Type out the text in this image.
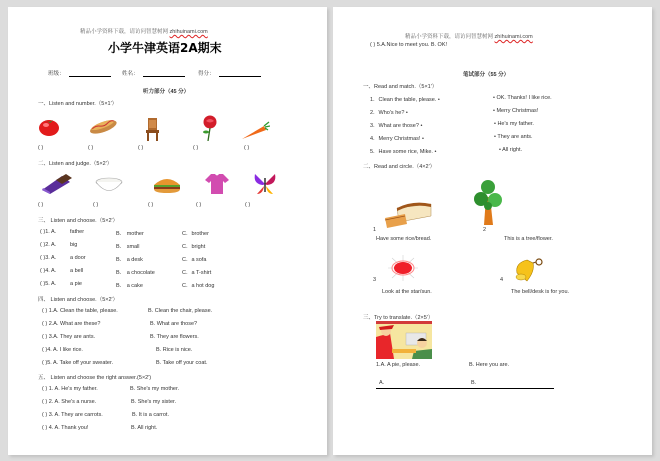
精品小学资料下载，请访问智慧树网 zhihuinami.com
小学牛津英语2A期末
班级：	姓名：	得分：
听力部分（45 分）
一、Listen and number.（5×1′）
( )	( )	( )	( )	( )
二、Listen and judge.（5×2′）
( )	( )	( )	( )	( )
三、 Listen and choose.（5×2′）
( )1. A.	father	B． mother	C．brother
( )2. A.	big	B． small	C．bright
( )3. A.	a door	B． a desk	C．a sofa
( )4. A.	a bell	B． a chocolate	C．a T-shirt
( )5. A.	a pie	B． a cake	C．a hot dog
四、 Listen and choose.（5×2′）
( ) 1.A. Clean the table, please.	B. Clean the chair, please.
( ) 2.A. What are these?	B. What are those?
( ) 3.A. They are ants.	B. They are flowers.
( )4. A. I like rice.	B. Rice is nice.
( )5. A. Take off your sweater.	B. Take off your coat.
五、 Listen and choose the right answer.(5×2′)
( ) 1. A. He's my father.	B. She's my mother.
( ) 2. A. She's a nurse.	B. She's my sister.
( ) 3. A. They are carrots.	B. It is a carrot.
( ) 4. A. Thank you!	B. All right.
精品小学资料下载，请访问智慧树网 zhihuinami.com
( ) 5.A.Nice to meet you. B. OK!
笔试部分（55 分）
一、Read and match.（5×1′）
1．Clean the table, please. •
2．Who's he? •
3．What are those? •
4．Merry Christmas! •
5．Have some rice, Mike. •
• OK. Thanks! I like rice.
• Merry Christmas!
• He's my father.
• They are ants.
• All right.
二、Read and circle.（4×2′）
1
Have some rice/bread.
2
This is a tree/flower.
3
Look at the star/sun.
4
The bell/desk is for you.
三、Try to translate.（2×5′）
1.A. A pie, please.	B. Here you are.
A.	B.
